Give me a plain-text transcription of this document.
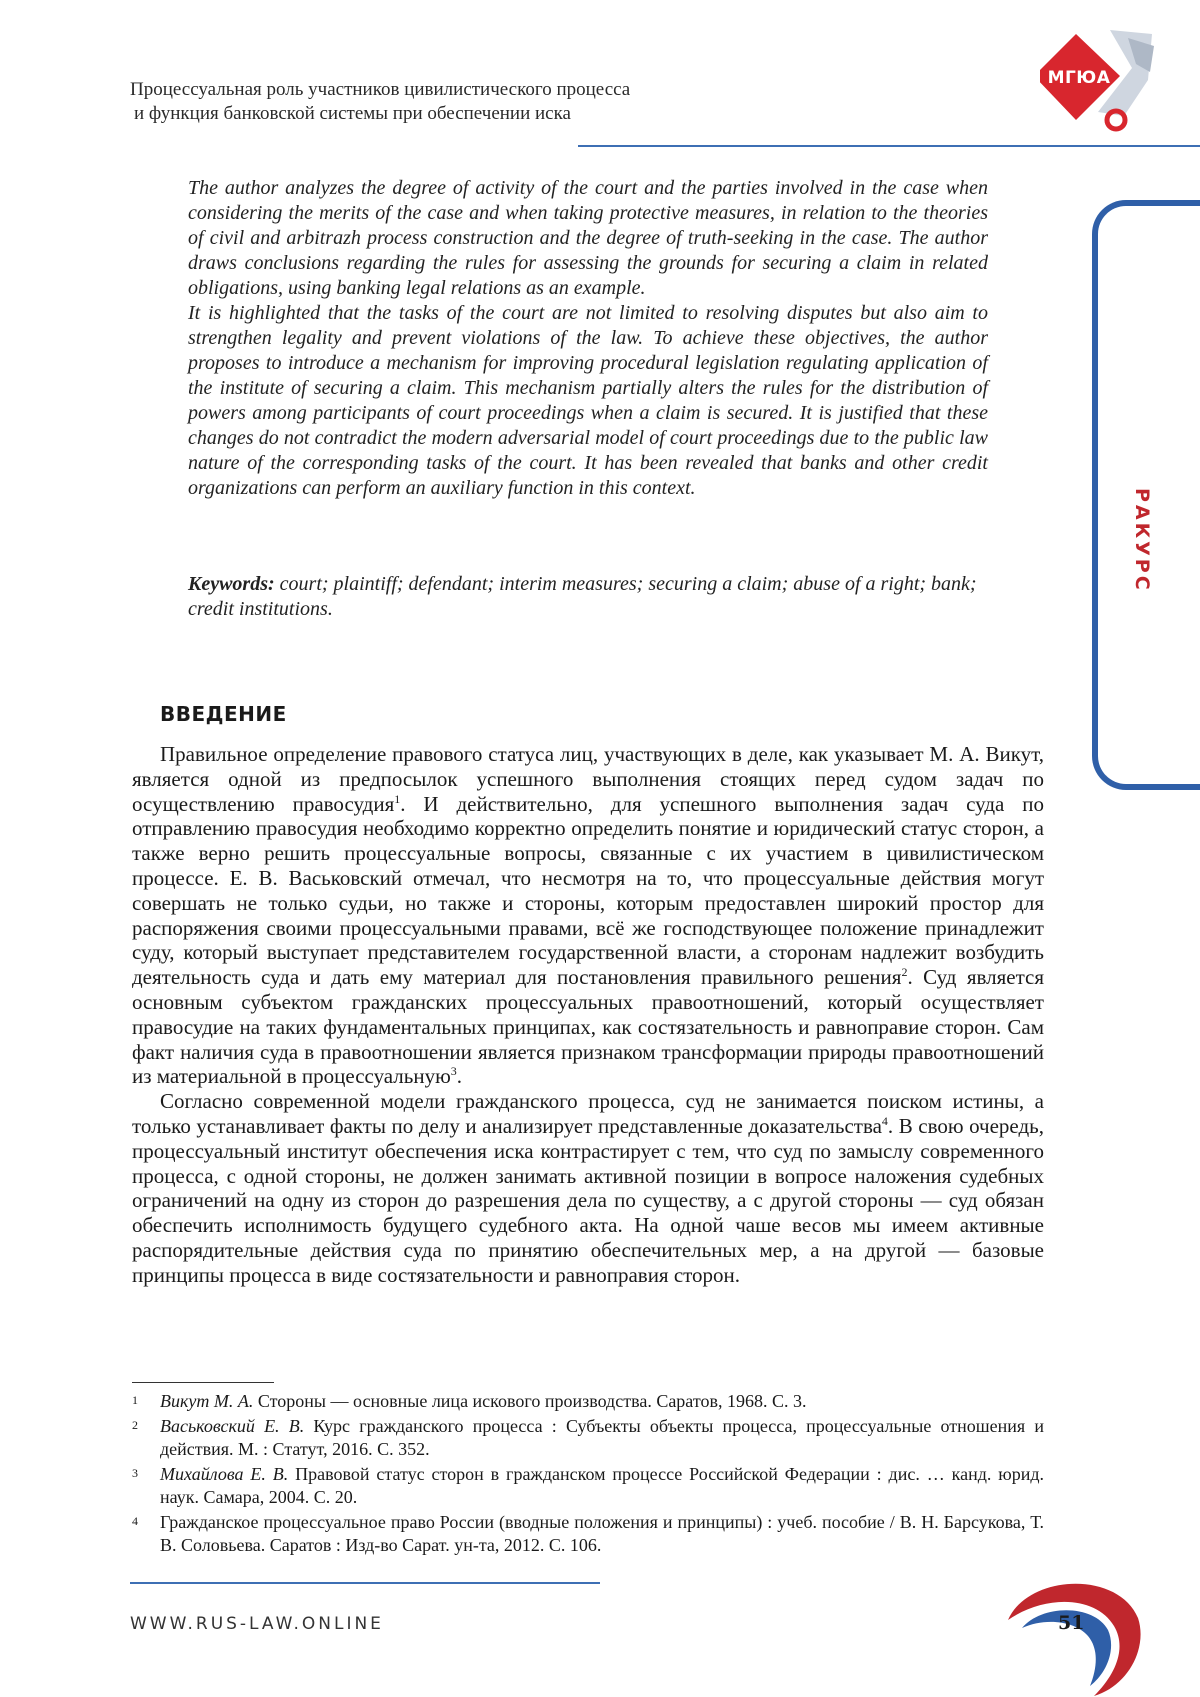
Процессуальная роль участников цивилистического процесса
и функция банковской системы при обеспечении иска
МГЮА
РАКУРС

The author analyzes the degree of activity of the court and the parties involved in the case when considering the merits of the case and when taking protective measures, in relation to the theories of civil and arbitrazh process construction and the degree of truth-seeking in the case. The author draws conclusions regarding the rules for assessing the grounds for securing a claim in related obligations, using banking legal relations as an example.

It is highlighted that the tasks of the court are not limited to resolving disputes but also aim to strengthen legality and prevent violations of the law. To achieve these objectives, the author proposes to introduce a mechanism for improving procedural legislation regulating application of the institute of securing a claim. This mechanism partially alters the rules for the distribution of powers among participants of court proceedings when a claim is secured. It is justified that these changes do not contradict the modern adversarial model of court proceedings due to the public law nature of the corresponding tasks of the court. It has been revealed that banks and other credit organizations can perform an auxiliary function in this context.

Keywords: court; plaintiff; defendant; interim measures; securing a claim; abuse of a right; bank; credit institutions.
ВВЕДЕНИЕ

Правильное определение правового статуса лиц, участвующих в деле, как указывает М. А. Викут, является одной из предпосылок успешного выполнения стоящих перед судом задач по осуществлению правосудия$^1$. И действительно, для успешного выполнения задач суда по отправлению правосудия необходимо корректно определить понятие и юридический статус сторон, а также верно решить процессуальные вопросы, связанные с их участием в цивилистическом процессе. Е. В. Васьковский отмечал, что несмотря на то, что процессуальные действия могут совершать не только судьи, но также и стороны, которым предоставлен широкий простор для распоряжения своими процессуальными правами, всё же господствующее положение принадлежит суду, который выступает представителем государственной власти, а сторонам надлежит возбудить деятельность суда и дать ему материал для постановления правильного решения$^2$. Суд является основным субъектом гражданских процессуальных правоотношений, который осуществляет правосудие на таких фундаментальных принципах, как состязательность и равноправие сторон. Сам факт наличия суда в правоотношении является признаком трансформации природы правоотношений из материальной в процессуальную$^3$.

Согласно современной модели гражданского процесса, суд не занимается поиском истины, а только устанавливает факты по делу и анализирует представленные доказательства$^4$. В свою очередь, процессуальный институт обеспечения иска контрастирует с тем, что суд по замыслу современного процесса, с одной стороны, не должен занимать активной позиции в вопросе наложения судебных ограничений на одну из сторон до разрешения дела по существу, а с другой стороны — суд обязан обеспечить исполнимость будущего судебного акта. На одной чаше весов мы имеем активные распорядительные действия суда по принятию обеспечительных мер, а на другой — базовые принципы процесса в виде состязательности и равноправия сторон.

1	Викут М. А. Стороны — основные лица искового производства. Саратов, 1968. С. 3.
2	Васьковский Е. В. Курс гражданского процесса : Субъекты объекты процесса, процессуальные отношения и действия. М. : Статут, 2016. С. 352.
3	Михайлова Е. В. Правовой статус сторон в гражданском процессе Российской Федерации : дис. … канд. юрид. наук. Самара, 2004. С. 20.
4	Гражданское процессуальное право России (вводные положения и принципы) : учеб. пособие / В. Н. Барсукова, Т. В. Соловьева. Саратов : Изд-во Сарат. ун-та, 2012. С. 106.
WWW.RUS-LAW.ONLINE	51
